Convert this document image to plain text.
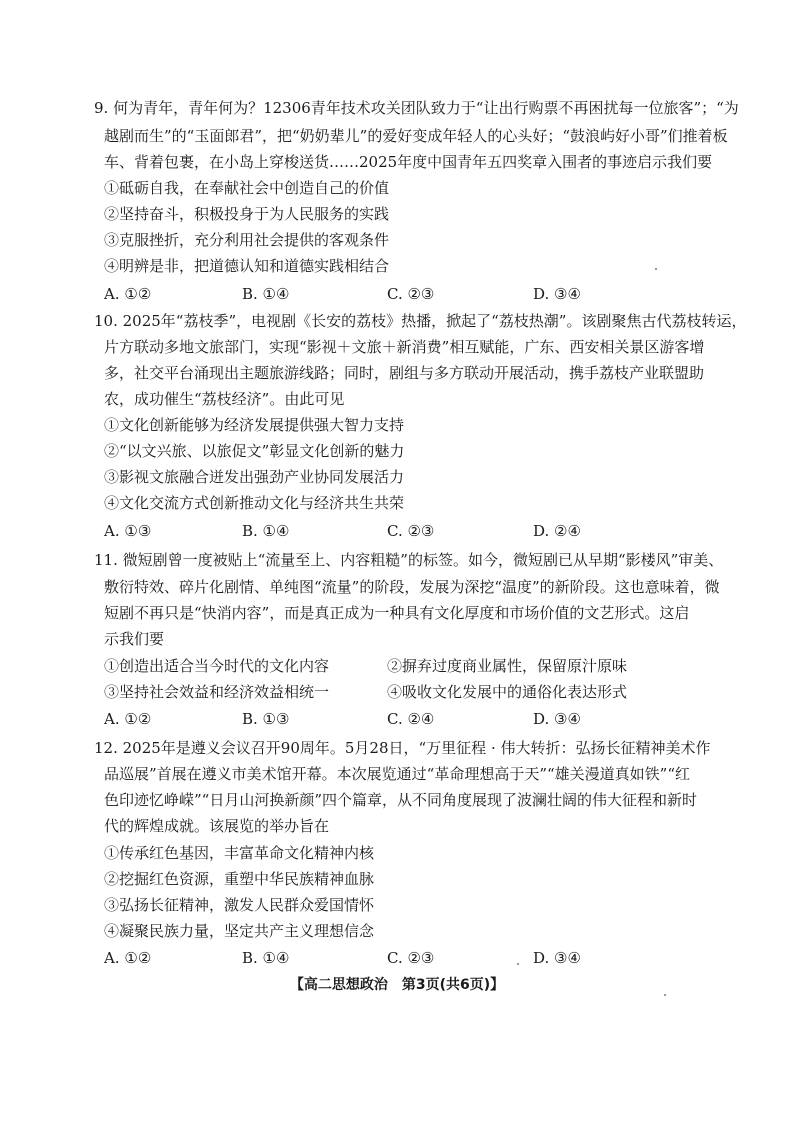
9. 何为青年，青年何为？12306青年技术攻关团队致力于“让出行购票不再困扰每一位旅客”；“为
越剧而生”的“玉面郎君”，把“奶奶辈儿”的爱好变成年轻人的心头好；“鼓浪屿好小哥”们推着板
车、背着包裹，在小岛上穿梭送货……2025年度中国青年五四奖章入围者的事迹启示我们要
①砥砺自我，在奉献社会中创造自己的价值
②坚持奋斗，积极投身于为人民服务的实践
③克服挫折，充分利用社会提供的客观条件
④明辨是非，把道德认知和道德实践相结合
A. ①②	B. ①④	C. ②③	D. ③④
10. 2025年“荔枝季”，电视剧《长安的荔枝》热播，掀起了“荔枝热潮”。该剧聚焦古代荔枝转运，
片方联动多地文旅部门，实现“影视＋文旅＋新消费”相互赋能，广东、西安相关景区游客增
多，社交平台涌现出主题旅游线路；同时，剧组与多方联动开展活动，携手荔枝产业联盟助
农，成功催生“荔枝经济”。由此可见
①文化创新能够为经济发展提供强大智力支持
②“以文兴旅、以旅促文”彰显文化创新的魅力
③影视文旅融合迸发出强劲产业协同发展活力
④文化交流方式创新推动文化与经济共生共荣
A. ①③	B. ①④	C. ②③	D. ②④
11. 微短剧曾一度被贴上“流量至上、内容粗糙”的标签。如今，微短剧已从早期“影楼风”审美、
敷衍特效、碎片化剧情、单纯图“流量”的阶段，发展为深挖“温度”的新阶段。这也意味着，微
短剧不再只是“快消内容”，而是真正成为一种具有文化厚度和市场价值的文艺形式。这启
示我们要
①创造出适合当今时代的文化内容	②摒弃过度商业属性，保留原汁原味
③坚持社会效益和经济效益相统一	④吸收文化发展中的通俗化表达形式
A. ①②	B. ①③	C. ②④	D. ③④
12. 2025年是遵义会议召开90周年。5月28日，“万里征程 · 伟大转折：弘扬长征精神美术作
品巡展”首展在遵义市美术馆开幕。本次展览通过“革命理想高于天”“雄关漫道真如铁”“红
色印迹忆峥嵘”“日月山河换新颜”四个篇章，从不同角度展现了波澜壮阔的伟大征程和新时
代的辉煌成就。该展览的举办旨在
①传承红色基因，丰富革命文化精神内核
②挖掘红色资源，重塑中华民族精神血脉
③弘扬长征精神，激发人民群众爱国情怀
④凝聚民族力量，坚定共产主义理想信念
A. ①②	B. ①④	C. ②③	D. ③④
【高二思想政治　第3页(共6页)】
